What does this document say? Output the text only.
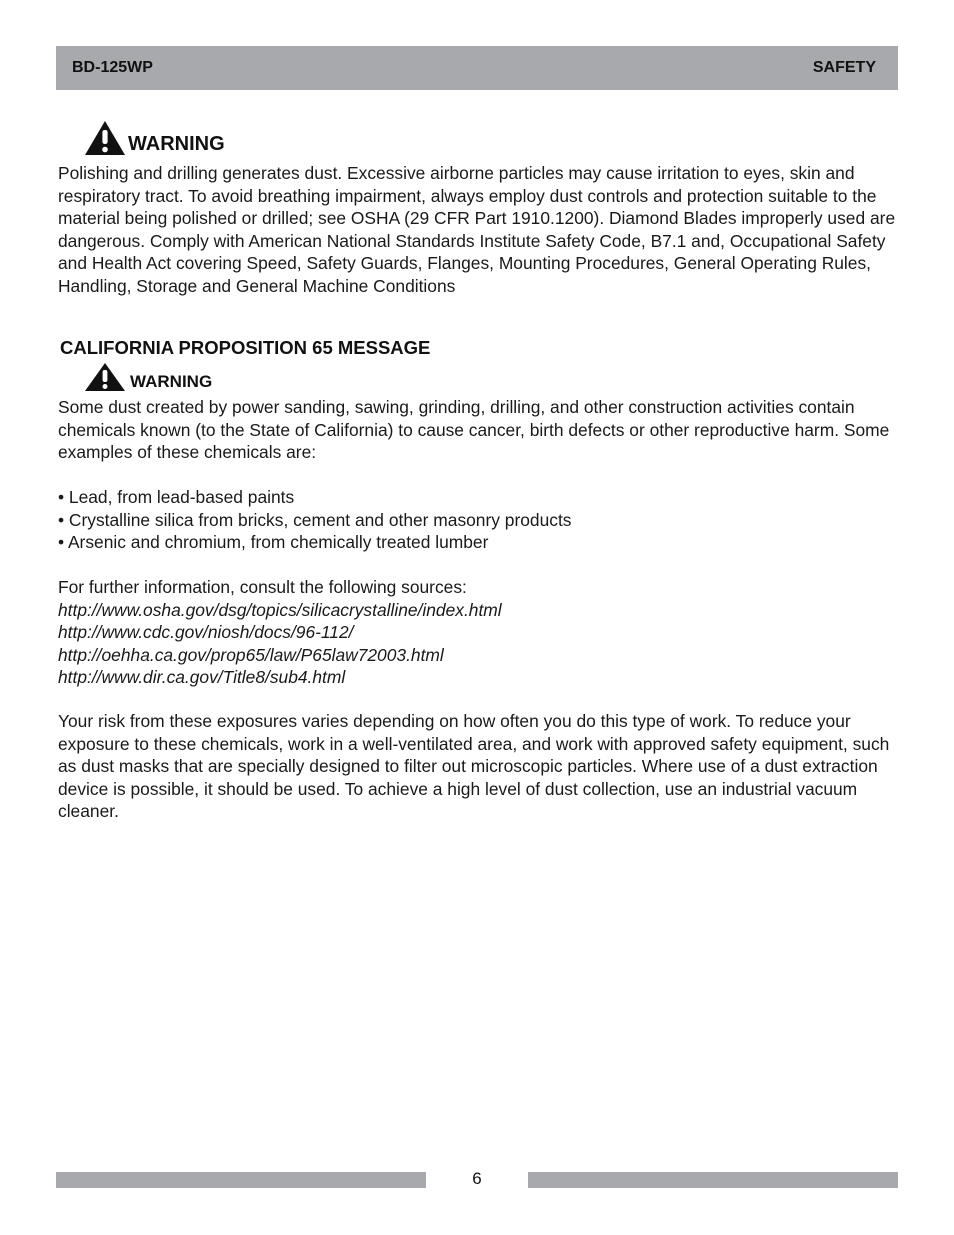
BD-125WP	SAFETY
WARNING

Polishing and drilling generates dust. Excessive airborne particles may cause irritation to eyes, skin and respiratory tract. To avoid breathing impairment, always employ dust controls and protection suitable to the material being polished or drilled; see OSHA (29 CFR Part 1910.1200). Diamond Blades improperly used are dangerous. Comply with American National Standards Institute Safety Code, B7.1 and, Occupational Safety and Health Act covering Speed, Safety Guards, Flanges, Mounting Procedures, General Operating Rules, Handling, Storage and General Machine Conditions

CALIFORNIA PROPOSITION 65 MESSAGE
WARNING

Some dust created by power sanding, sawing, grinding, drilling, and other construction activities contain chemicals known (to the State of California) to cause cancer, birth defects or other reproductive harm. Some examples of these chemicals are:

• Lead, from lead-based paints
• Crystalline silica from bricks, cement and other masonry products
• Arsenic and chromium, from chemically treated lumber
For further information, consult the following sources:
http://www.osha.gov/dsg/topics/silicacrystalline/index.html
http://www.cdc.gov/niosh/docs/96-112/
http://oehha.ca.gov/prop65/law/P65law72003.html
http://www.dir.ca.gov/Title8/sub4.html

Your risk from these exposures varies depending on how often you do this type of work. To reduce your exposure to these chemicals, work in a well-ventilated area, and work with approved safety equipment, such as dust masks that are specially designed to filter out microscopic particles. Where use of a dust extraction device is possible, it should be used. To achieve a high level of dust collection, use an industrial vacuum cleaner.

6
